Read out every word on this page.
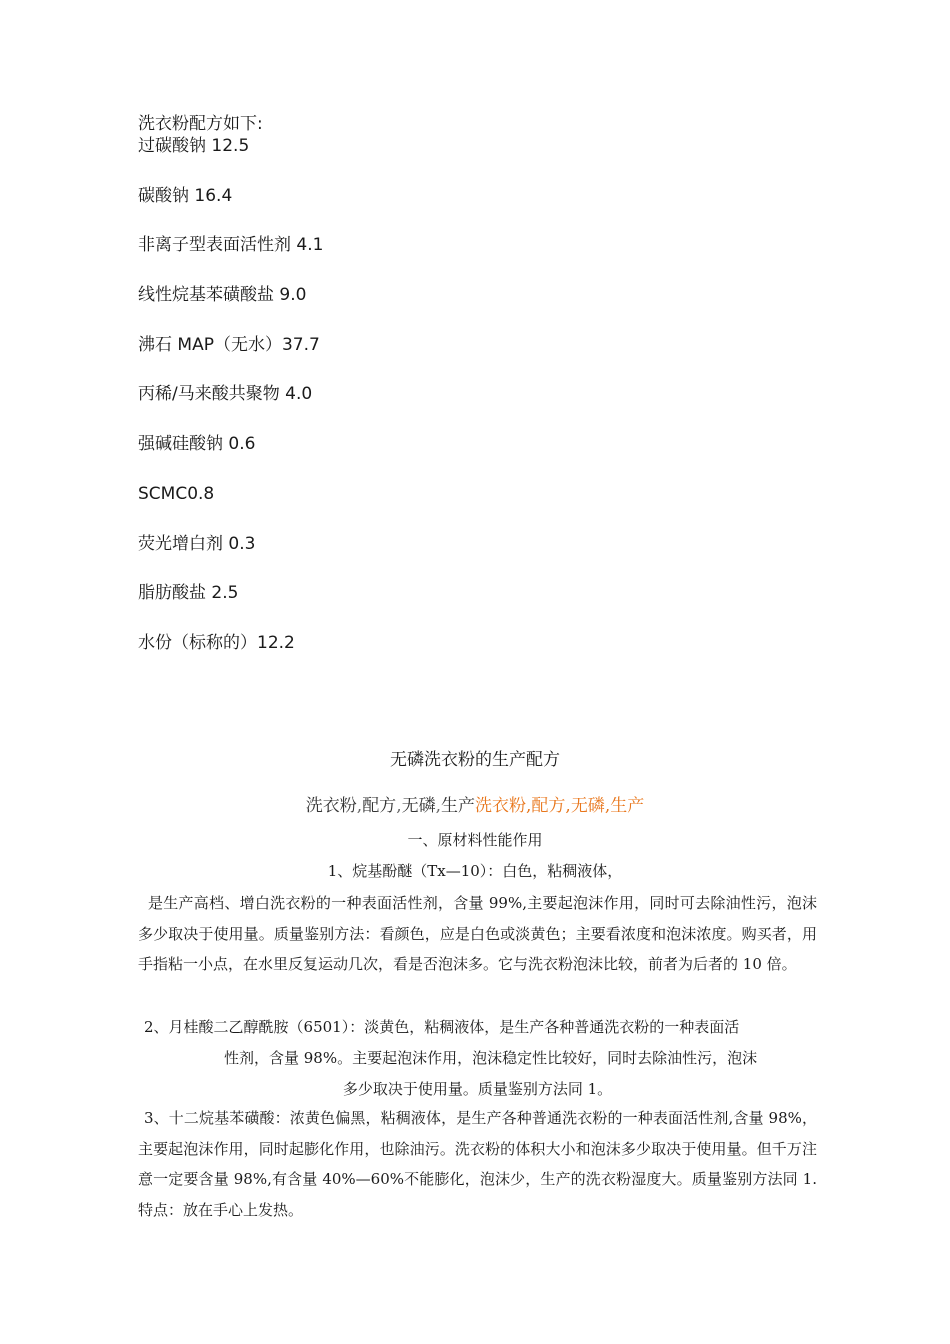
洗衣粉配方如下:
过碳酸钠 12.5
碳酸钠 16.4
非离子型表面活性剂 4.1
线性烷基苯磺酸盐 9.0
沸石 MAP（无水）37.7
丙稀/马来酸共聚物 4.0
强碱硅酸钠 0.6
SCMC0.8
荧光增白剂 0.3
脂肪酸盐 2.5
水份（标称的）12.2
无磷洗衣粉的生产配方
洗衣粉,配方,无磷,生产洗衣粉,配方,无磷,生产
一、原材料性能作用
1、烷基酚醚（Tx—10）：白色，粘稠液体，
是生产高档、增白洗衣粉的一种表面活性剂，含量 99%,主要起泡沫作用，同时可去除油性污，泡沫多少取决于使用量。质量鉴别方法：看颜色，应是白色或淡黄色；主要看浓度和泡沫浓度。购买者，用手指粘一小点，在水里反复运动几次，看是否泡沫多。它与洗衣粉泡沫比较，前者为后者的 10 倍。
2、月桂酸二乙醇酰胺（6501）：淡黄色，粘稠液体，是生产各种普通洗衣粉的一种表面活
性剂，含量 98%。主要起泡沫作用，泡沫稳定性比较好，同时去除油性污，泡沫
多少取决于使用量。质量鉴别方法同 1。
3、十二烷基苯磺酸：浓黄色偏黑，粘稠液体，是生产各种普通洗衣粉的一种表面活性剂,含量 98%，主要起泡沫作用，同时起膨化作用，也除油污。洗衣粉的体积大小和泡沫多少取决于使用量。但千万注意一定要含量 98%,有含量 40%—60%不能膨化，泡沫少，生产的洗衣粉湿度大。质量鉴别方法同 1.特点：放在手心上发热。
